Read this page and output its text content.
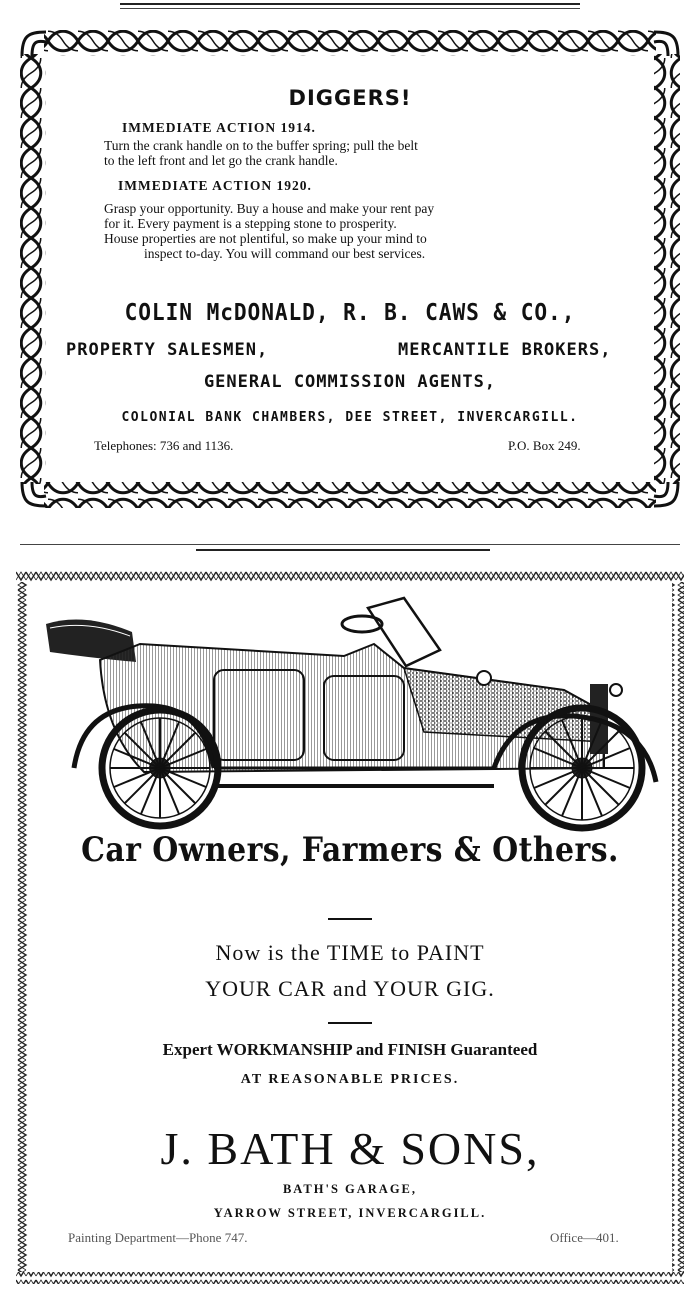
DIGGERS!
IMMEDIATE ACTION 1914.
Turn the crank handle on to the buffer spring; pull the belt
to the left front and let go the crank handle.
IMMEDIATE ACTION 1920.
Grasp your opportunity. Buy a house and make your rent pay
for it. Every payment is a stepping stone to prosperity.
House properties are not plentiful, so make up your mind to
inspect to-day. You will command our best services.
COLIN McDONALD, R. B. CAWS & CO.,
PROPERTY SALESMEN,	MERCANTILE BROKERS,
GENERAL COMMISSION AGENTS,
COLONIAL BANK CHAMBERS, DEE STREET, INVERCARGILL.
Telephones: 736 and 1136.	P.O. Box 249.
Car Owners, Farmers & Others.
Now is the TIME to PAINT
YOUR CAR and YOUR GIG.
Expert WORKMANSHIP and FINISH Guaranteed
AT REASONABLE PRICES.
J. BATH & SONS,
BATH'S GARAGE,
YARROW STREET, INVERCARGILL.
Painting Department—Phone 747.	Office—401.
